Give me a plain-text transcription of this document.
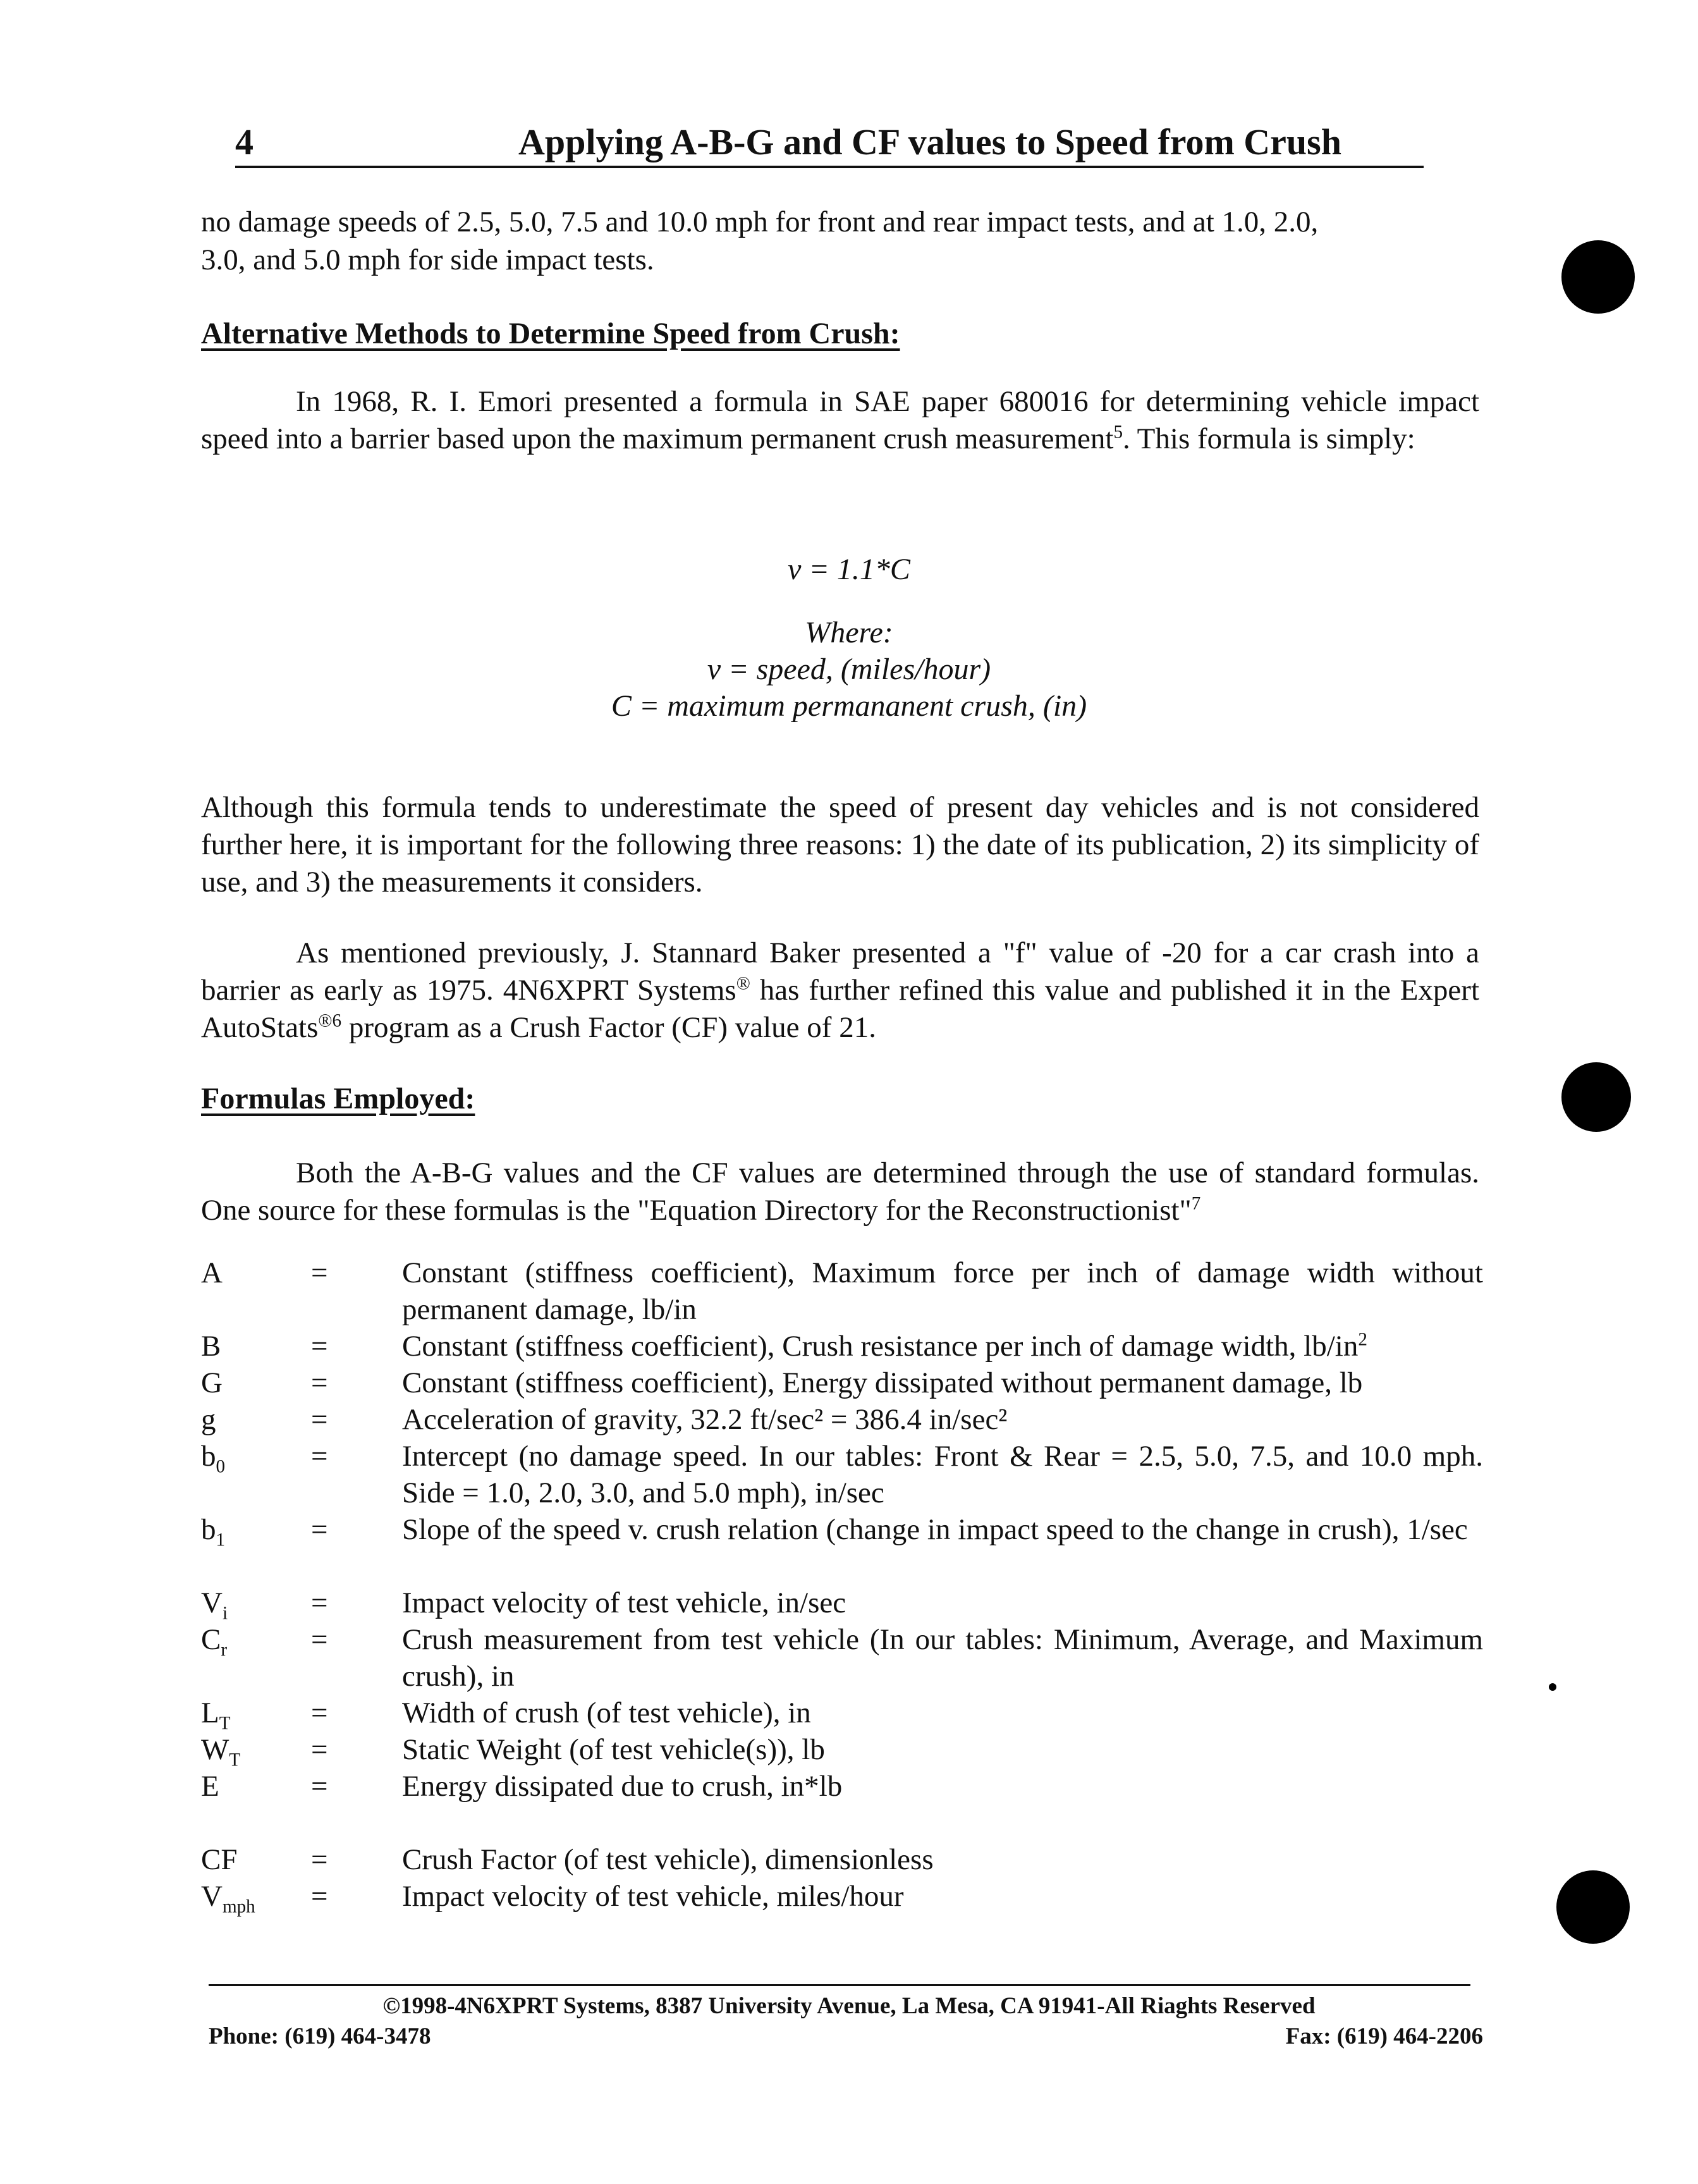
4	Applying A-B-G and CF values to Speed from Crush
no damage speeds of 2.5, 5.0, 7.5 and 10.0 mph for front and rear impact tests, and at 1.0, 2.0,
3.0, and 5.0 mph for side impact tests.
Alternative Methods to Determine Speed from Crush:
In 1968, R. I. Emori presented a formula in SAE paper 680016 for determining vehicle impact speed into a barrier based upon the maximum permanent crush measurement$^5$. This formula is simply:
v = 1.1*C
Where:
v = speed, (miles/hour)
C = maximum permananent crush, (in)
Although this formula tends to underestimate the speed of present day vehicles and is not considered further here, it is important for the following three reasons: 1) the date of its publication, 2) its simplicity of use, and 3) the measurements it considers.
As mentioned previously, J. Stannard Baker presented a "f" value of -20 for a car crash into a barrier as early as 1975. 4N6XPRT Systems® has further refined this value and published it in the Expert AutoStats$^{®6}$ program as a Crush Factor (CF) value of 21.
Formulas Employed:
Both the A-B-G values and the CF values are determined through the use of standard formulas. One source for these formulas is the "Equation Directory for the Reconstructionist"$^7$
A	=	Constant (stiffness coefficient), Maximum force per inch of damage width without permanent damage, lb/in
B	=	Constant (stiffness coefficient), Crush resistance per inch of damage width, $lb/in^2$
G	=	Constant (stiffness coefficient), Energy dissipated without permanent damage, lb
g	=	Acceleration of gravity, 32.2 ft/sec² = 386.4 in/sec²
$b_0$	=	Intercept (no damage speed. In our tables: Front & Rear = 2.5, 5.0, 7.5, and 10.0 mph. Side = 1.0, 2.0, 3.0, and 5.0 mph), in/sec
$b_1$	=	Slope of the speed v. crush relation (change in impact speed to the change in crush), 1/sec
$V_i$	=	Impact velocity of test vehicle, in/sec
$C_r$	=	Crush measurement from test vehicle (In our tables: Minimum, Average, and Maximum crush), in
$L_T$	=	Width of crush (of test vehicle), in
$W_T$	=	Static Weight (of test vehicle(s)), lb
E	=	Energy dissipated due to crush, in*lb
CF	=	Crush Factor (of test vehicle), dimensionless
$V_{mph}$	=	Impact velocity of test vehicle, miles/hour
©1998-4N6XPRT Systems, 8387 University Avenue, La Mesa, CA 91941-All Riaghts Reserved
Phone: (619) 464-3478	Fax: (619) 464-2206
